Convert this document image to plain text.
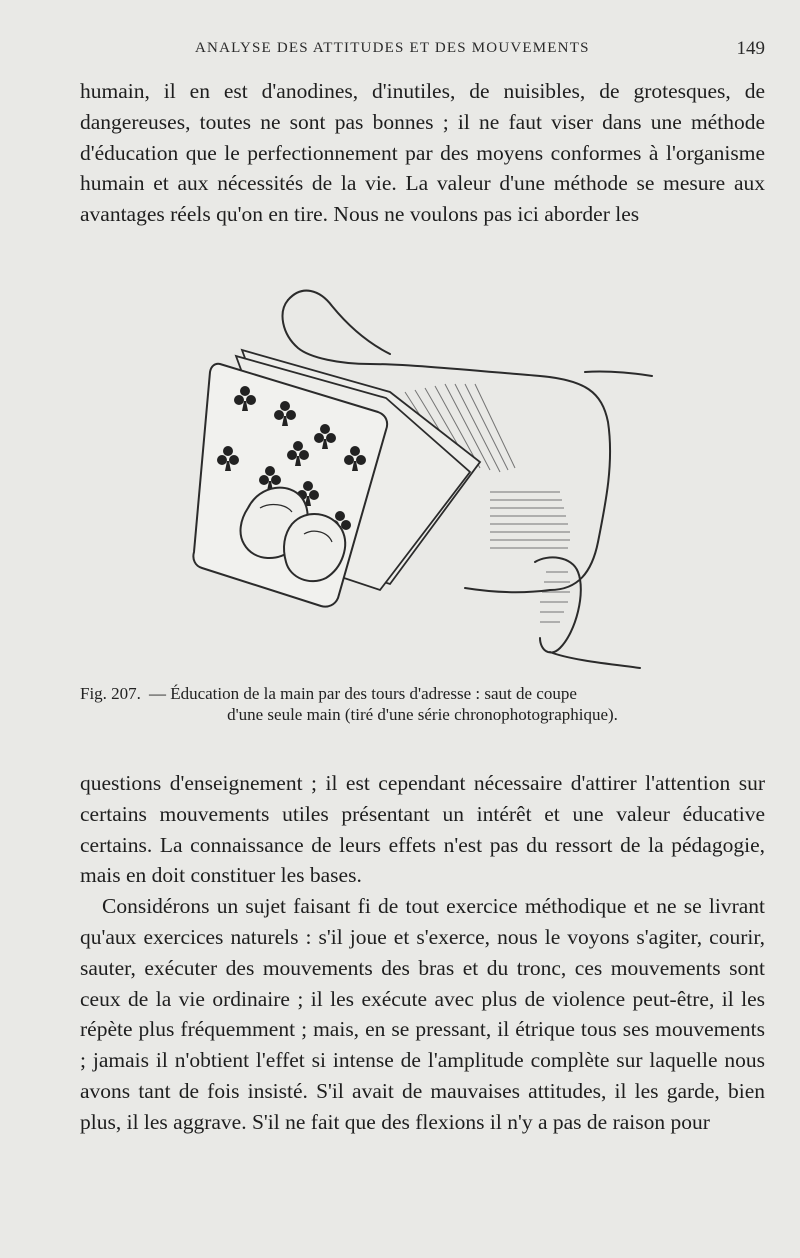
ANALYSE DES ATTITUDES ET DES MOUVEMENTS	149

humain, il en est d'anodines, d'inutiles, de nuisibles, de grotesques, de dangereuses, toutes ne sont pas bonnes ; il ne faut viser dans une méthode d'éducation que le perfectionnement par des moyens conformes à l'organisme humain et aux nécessités de la vie. La valeur d'une méthode se mesure aux avantages réels qu'on en tire. Nous ne voulons pas ici aborder les

Fig. 207. — Éducation de la main par des tours d'adresse : saut de coupe
d'une seule main (tiré d'une série chronophotographique).

questions d'enseignement ; il est cependant nécessaire d'attirer l'attention sur certains mouvements utiles présentant un intérêt et une valeur éducative certains. La connaissance de leurs effets n'est pas du ressort de la pédagogie, mais en doit constituer les bases.

Considérons un sujet faisant fi de tout exercice méthodique et ne se livrant qu'aux exercices naturels : s'il joue et s'exerce, nous le voyons s'agiter, courir, sauter, exécuter des mouvements des bras et du tronc, ces mouvements sont ceux de la vie ordinaire ; il les exécute avec plus de violence peut-être, il les répète plus fréquemment ; mais, en se pressant, il étrique tous ses mouvements ; jamais il n'obtient l'effet si intense de l'amplitude complète sur laquelle nous avons tant de fois insisté. S'il avait de mauvaises attitudes, il les garde, bien plus, il les aggrave. S'il ne fait que des flexions il n'y a pas de raison pour
